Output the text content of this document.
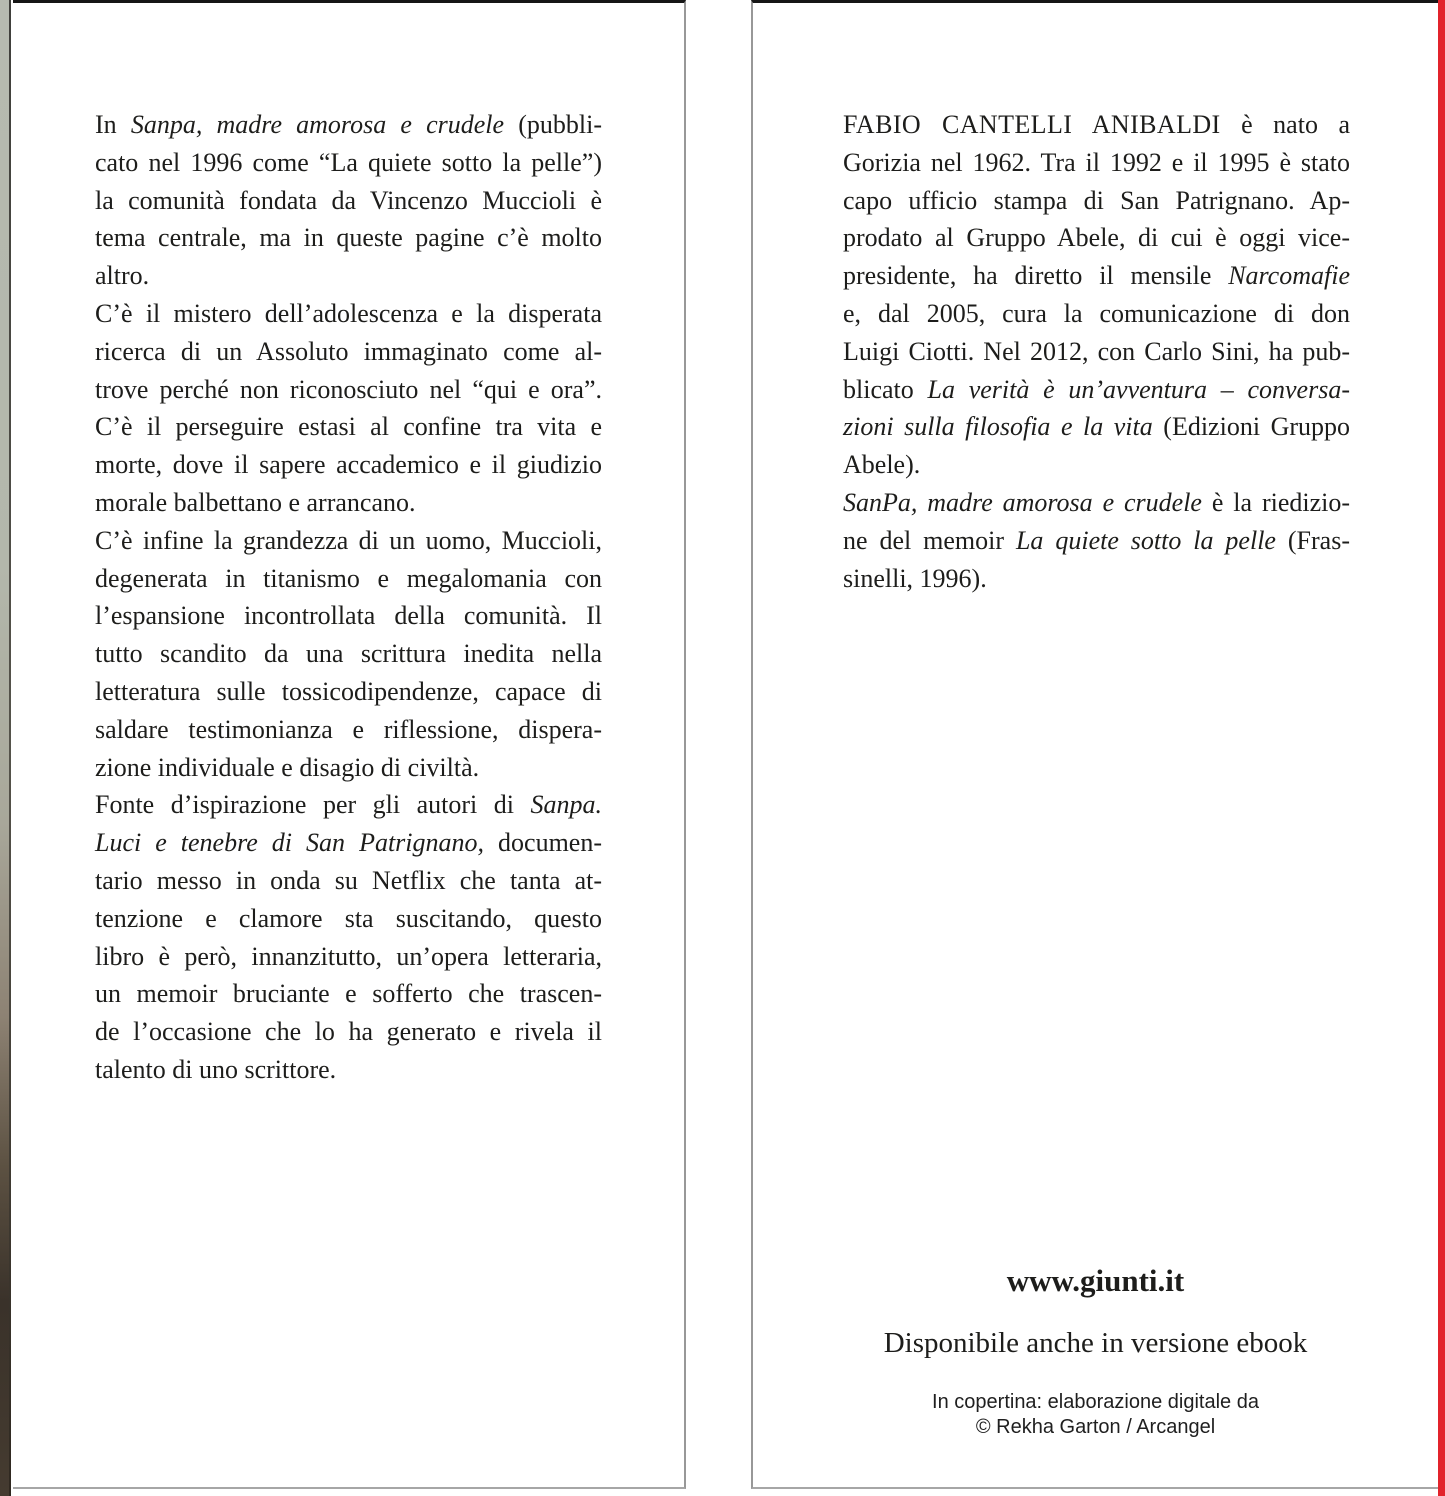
In Sanpa, madre amorosa e crudele (pubbli-
cato nel 1996 come “La quiete sotto la pelle”)
la comunità fondata da Vincenzo Muccioli è
tema centrale, ma in queste pagine c’è molto
altro.

C’è il mistero dell’adolescenza e la disperata
ricerca di un Assoluto immaginato come al-
trove perché non riconosciuto nel “qui e ora”.
C’è il perseguire estasi al confine tra vita e
morte, dove il sapere accademico e il giudizio
morale balbettano e arrancano.

C’è infine la grandezza di un uomo, Muccioli,
degenerata in titanismo e megalomania con
l’espansione incontrollata della comunità. Il
tutto scandito da una scrittura inedita nella
letteratura sulle tossicodipendenze, capace di
saldare testimonianza e riflessione, dispera-
zione individuale e disagio di civiltà.

Fonte d’ispirazione per gli autori di Sanpa.
Luci e tenebre di San Patrignano, documen-
tario messo in onda su Netflix che tanta at-
tenzione e clamore sta suscitando, questo
libro è però, innanzitutto, un’opera letteraria,
un memoir bruciante e sofferto che trascen-
de l’occasione che lo ha generato e rivela il
talento di uno scrittore.

FABIO CANTELLI ANIBALDI è nato a
Gorizia nel 1962. Tra il 1992 e il 1995 è stato
capo ufficio stampa di San Patrignano. Ap-
prodato al Gruppo Abele, di cui è oggi vice-
presidente, ha diretto il mensile Narcomafie
e, dal 2005, cura la comunicazione di don
Luigi Ciotti. Nel 2012, con Carlo Sini, ha pub-
blicato La verità è un’avventura – conversa-
zioni sulla filosofia e la vita (Edizioni Gruppo
Abele).

SanPa, madre amorosa e crudele è la riedizio-
ne del memoir La quiete sotto la pelle (Fras-
sinelli, 1996).

www.giunti.it
Disponibile anche in versione ebook
In copertina: elaborazione digitale da
© Rekha Garton / Arcangel
